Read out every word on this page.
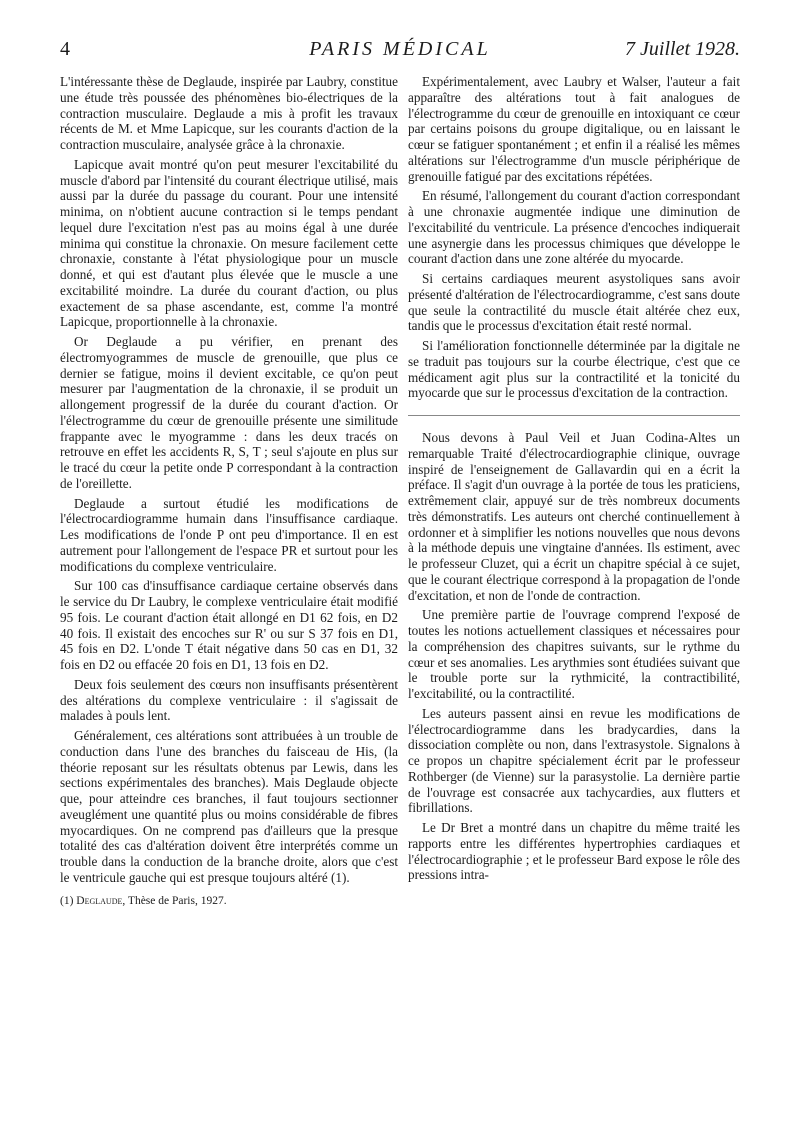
4	PARIS MÉDICAL	7 Juillet 1928.

L'intéressante thèse de Deglaude, inspirée par Laubry, constitue une étude très poussée des phénomènes bio-électriques de la contraction musculaire. Deglaude a mis à profit les travaux récents de M. et Mme Lapicque, sur les courants d'action de la contraction musculaire, analysée grâce à la chronaxie.

Lapicque avait montré qu'on peut mesurer l'excitabilité du muscle d'abord par l'intensité du courant électrique utilisé, mais aussi par la durée du passage du courant. Pour une intensité minima, on n'obtient aucune contraction si le temps pendant lequel dure l'excitation n'est pas au moins égal à une durée minima qui constitue la chronaxie. On mesure facilement cette chronaxie, constante à l'état physiologique pour un muscle donné, et qui est d'autant plus élevée que le muscle a une excitabilité moindre. La durée du courant d'action, ou plus exactement de sa phase ascendante, est, comme l'a montré Lapicque, proportionnelle à la chronaxie.

Or Deglaude a pu vérifier, en prenant des électromyogrammes de muscle de grenouille, que plus ce dernier se fatigue, moins il devient excitable, ce qu'on peut mesurer par l'augmentation de la chronaxie, il se produit un allongement progressif de la durée du courant d'action. Or l'électrogramme du cœur de grenouille présente une similitude frappante avec le myogramme : dans les deux tracés on retrouve en effet les accidents R, S, T ; seul s'ajoute en plus sur le tracé du cœur la petite onde P correspondant à la contraction de l'oreillette.

Deglaude a surtout étudié les modifications de l'électrocardiogramme humain dans l'insuffisance cardiaque. Les modifications de l'onde P ont peu d'importance. Il en est autrement pour l'allongement de l'espace PR et surtout pour les modifications du complexe ventriculaire.

Sur 100 cas d'insuffisance cardiaque certaine observés dans le service du Dr Laubry, le complexe ventriculaire était modifié 95 fois. Le courant d'action était allongé en D1 62 fois, en D2 40 fois. Il existait des encoches sur R' ou sur S 37 fois en D1, 45 fois en D2. L'onde T était négative dans 50 cas en D1, 32 fois en D2 ou effacée 20 fois en D1, 13 fois en D2.

Deux fois seulement des cœurs non insuffisants présentèrent des altérations du complexe ventriculaire : il s'agissait de malades à pouls lent.

Généralement, ces altérations sont attribuées à un trouble de conduction dans l'une des branches du faisceau de His, (la théorie reposant sur les résultats obtenus par Lewis, dans les sections expérimentales des branches). Mais Deglaude objecte que, pour atteindre ces branches, il faut toujours sectionner aveuglément une quantité plus ou moins considérable de fibres myocardiques. On ne comprend pas d'ailleurs que la presque totalité des cas d'altération doivent être interprétés comme un trouble dans la conduction de la branche droite, alors que c'est le ventricule gauche qui est presque toujours altéré (1).

(1) Deglaude, Thèse de Paris, 1927.

Expérimentalement, avec Laubry et Walser, l'auteur a fait apparaître des altérations tout à fait analogues de l'électrogramme du cœur de grenouille en intoxiquant ce cœur par certains poisons du groupe digitalique, ou en laissant le cœur se fatiguer spontanément ; et enfin il a réalisé les mêmes altérations sur l'électrogramme d'un muscle périphérique de grenouille fatigué par des excitations répétées.

En résumé, l'allongement du courant d'action correspondant à une chronaxie augmentée indique une diminution de l'excitabilité du ventricule. La présence d'encoches indiquerait une asynergie dans les processus chimiques que développe le courant d'action dans une zone altérée du myocarde.

Si certains cardiaques meurent asystoliques sans avoir présenté d'altération de l'électrocardiogramme, c'est sans doute que seule la contractilité du muscle était altérée chez eux, tandis que le processus d'excitation était resté normal.

Si l'amélioration fonctionnelle déterminée par la digitale ne se traduit pas toujours sur la courbe électrique, c'est que ce médicament agit plus sur la contractilité et la tonicité du myocarde que sur le processus d'excitation de la contraction.

Nous devons à Paul Veil et Juan Codina-Altes un remarquable Traité d'électrocardiographie clinique, ouvrage inspiré de l'enseignement de Gallavardin qui en a écrit la préface. Il s'agit d'un ouvrage à la portée de tous les praticiens, extrêmement clair, appuyé sur de très nombreux documents très démonstratifs. Les auteurs ont cherché continuellement à ordonner et à simplifier les notions nouvelles que nous devons à la méthode depuis une vingtaine d'années. Ils estiment, avec le professeur Cluzet, qui a écrit un chapitre spécial à ce sujet, que le courant électrique correspond à la propagation de l'onde d'excitation, et non de l'onde de contraction.

Une première partie de l'ouvrage comprend l'exposé de toutes les notions actuellement classiques et nécessaires pour la compréhension des chapitres suivants, sur le rythme du cœur et ses anomalies. Les arythmies sont étudiées suivant que le trouble porte sur la rythmicité, la contractibilité, l'excitabilité, ou la contractilité.

Les auteurs passent ainsi en revue les modifications de l'électrocardiogramme dans les bradycardies, dans la dissociation complète ou non, dans l'extrasystole. Signalons à ce propos un chapitre spécialement écrit par le professeur Rothberger (de Vienne) sur la parasystolie. La dernière partie de l'ouvrage est consacrée aux tachycardies, aux flutters et fibrillations.

Le Dr Bret a montré dans un chapitre du même traité les rapports entre les différentes hypertrophies cardiaques et l'électrocardiographie ; et le professeur Bard expose le rôle des pressions intra-
